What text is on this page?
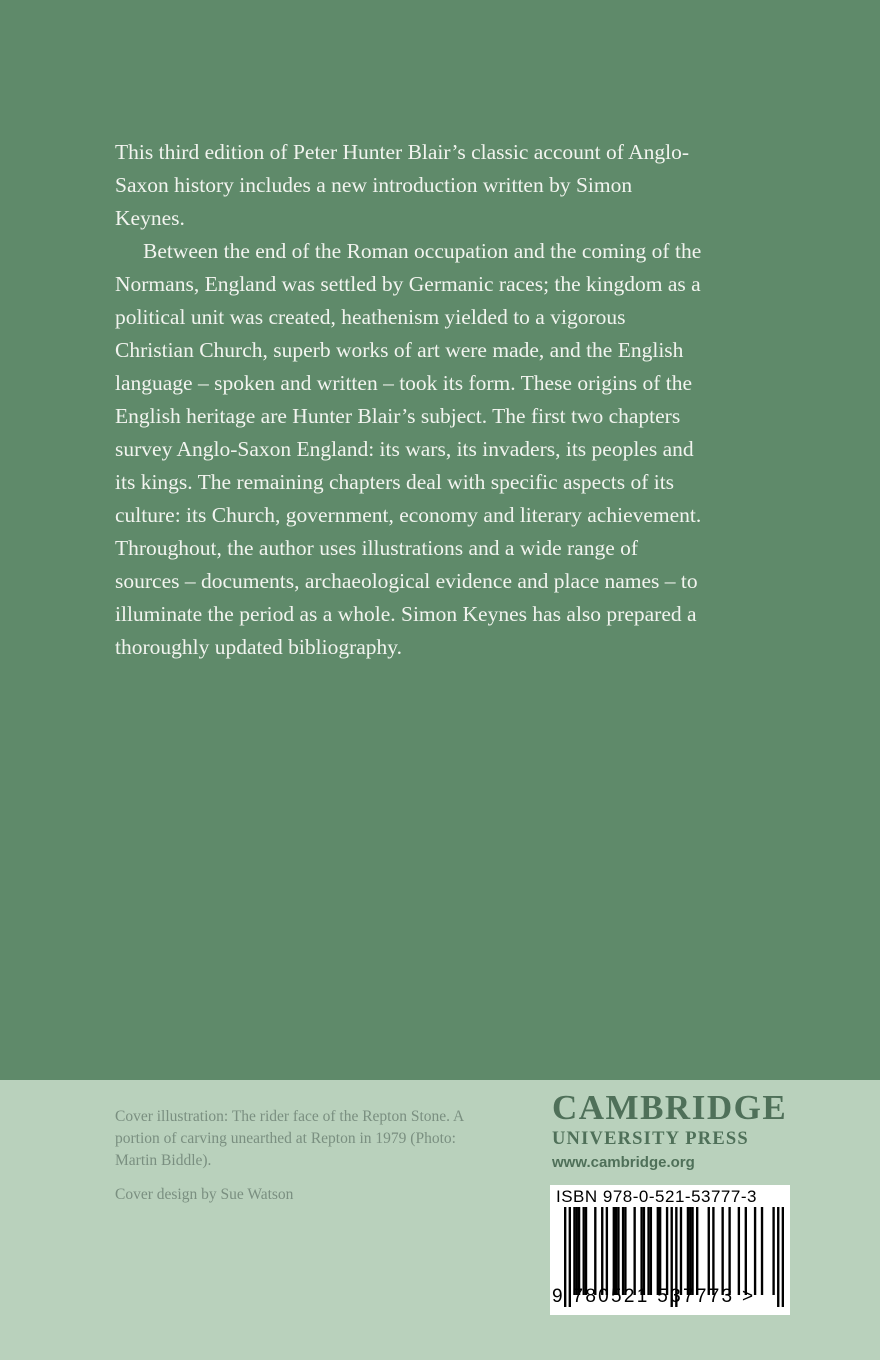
This third edition of Peter Hunter Blair’s classic account of Anglo-Saxon history includes a new introduction written by Simon Keynes.

Between the end of the Roman occupation and the coming of the Normans, England was settled by Germanic races; the kingdom as a political unit was created, heathenism yielded to a vigorous Christian Church, superb works of art were made, and the English language – spoken and written – took its form. These origins of the English heritage are Hunter Blair’s subject. The first two chapters survey Anglo-Saxon England: its wars, its invaders, its peoples and its kings. The remaining chapters deal with specific aspects of its culture: its Church, government, economy and literary achievement. Throughout, the author uses illustrations and a wide range of sources – documents, archaeological evidence and place names – to illuminate the period as a whole. Simon Keynes has also prepared a thoroughly updated bibliography.

Cover illustration: The rider face of the Repton Stone. A portion of carving unearthed at Repton in 1979 (Photo: Martin Biddle).

Cover design by Sue Watson

CAMBRIDGE
UNIVERSITY PRESS
www.cambridge.org
ISBN 978-0-521-53777-3
9 780521 537773 >
